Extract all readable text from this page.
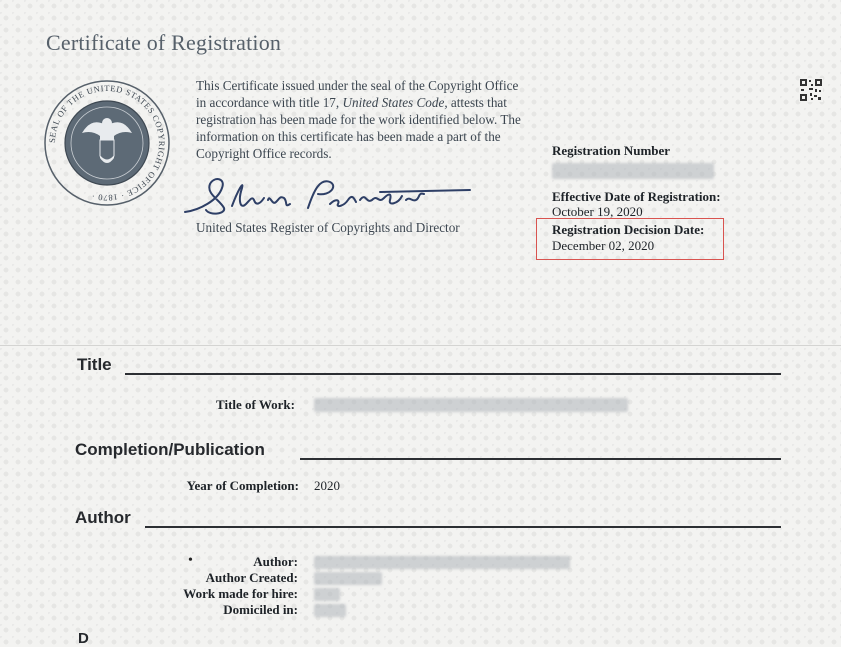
Certificate of Registration
SEAL OF THE UNITED STATES COPYRIGHT OFFICE · 1870 ·
This Certificate issued under the seal of the Copyright Office in accordance with title 17, United States Code, attests that registration has been made for the work identified below. The information on this certificate has been made a part of the Copyright Office records.
United States Register of Copyrights and Director
Registration Number
Effective Date of Registration:
October 19, 2020
Registration Decision Date:
December 02, 2020
Title
Title of Work:
Completion/Publication
Year of Completion: 2020
Author
•	Author:
Author Created:
Work made for hire:
Domiciled in:
D
